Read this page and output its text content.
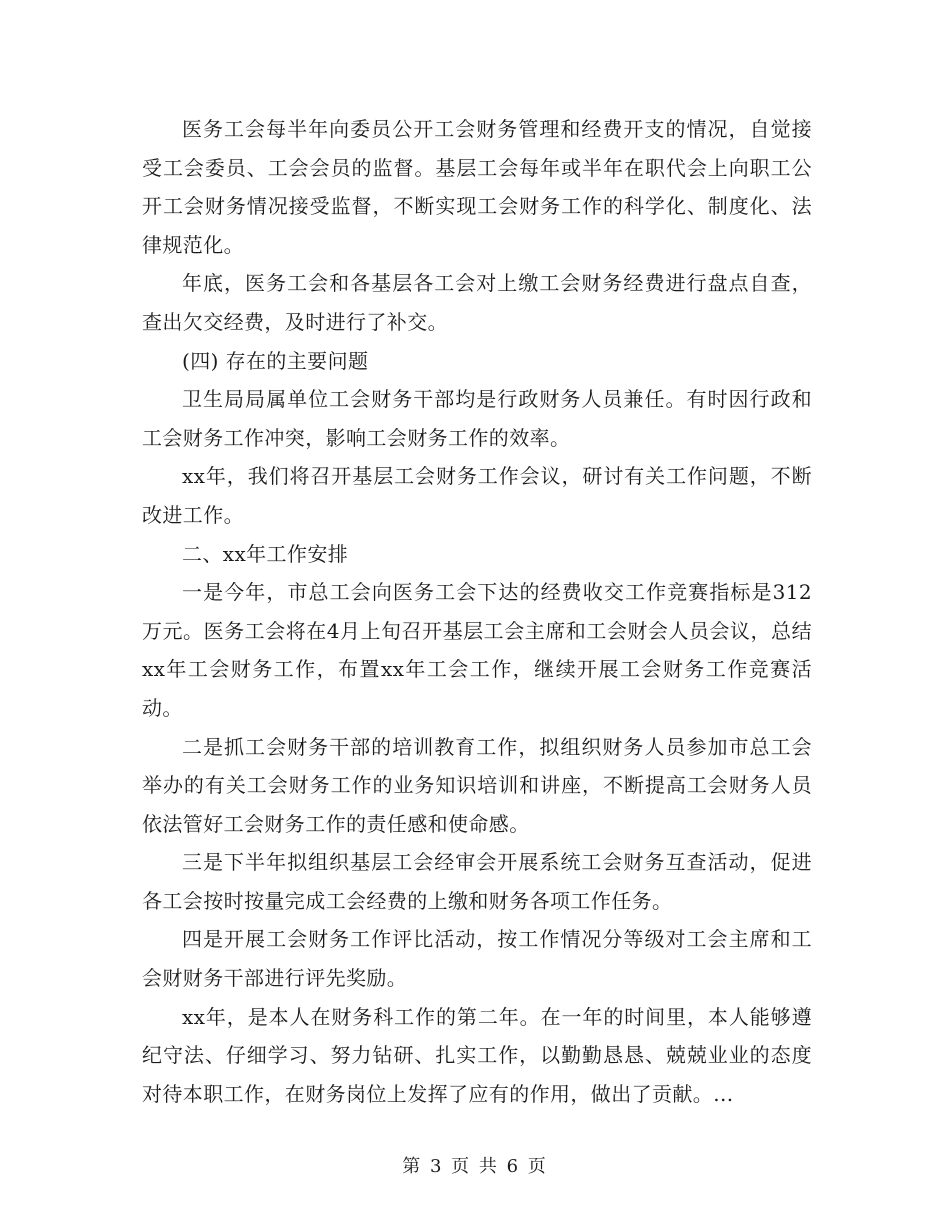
医务工会每半年向委员公开工会财务管理和经费开支的情况，自觉接受工会委员、工会会员的监督。基层工会每年或半年在职代会上向职工公开工会财务情况接受监督，不断实现工会财务工作的科学化、制度化、法律规范化。

年底，医务工会和各基层各工会对上缴工会财务经费进行盘点自查，查出欠交经费，及时进行了补交。

(四) 存在的主要问题

卫生局局属单位工会财务干部均是行政财务人员兼任。有时因行政和工会财务工作冲突，影响工会财务工作的效率。

xx年，我们将召开基层工会财务工作会议，研讨有关工作问题，不断改进工作。

二、xx年工作安排

一是今年，市总工会向医务工会下达的经费收交工作竞赛指标是312万元。医务工会将在4月上旬召开基层工会主席和工会财会人员会议，总结xx年工会财务工作，布置xx年工会工作，继续开展工会财务工作竞赛活动。

二是抓工会财务干部的培训教育工作，拟组织财务人员参加市总工会举办的有关工会财务工作的业务知识培训和讲座，不断提高工会财务人员依法管好工会财务工作的责任感和使命感。

三是下半年拟组织基层工会经审会开展系统工会财务互查活动，促进各工会按时按量完成工会经费的上缴和财务各项工作任务。

四是开展工会财务工作评比活动，按工作情况分等级对工会主席和工会财财务干部进行评先奖励。

xx年，是本人在财务科工作的第二年。在一年的时间里，本人能够遵纪守法、仔细学习、努力钻研、扎实工作，以勤勤恳恳、兢兢业业的态度对待本职工作，在财务岗位上发挥了应有的作用，做出了贡献。...

第 3 页 共 6 页
